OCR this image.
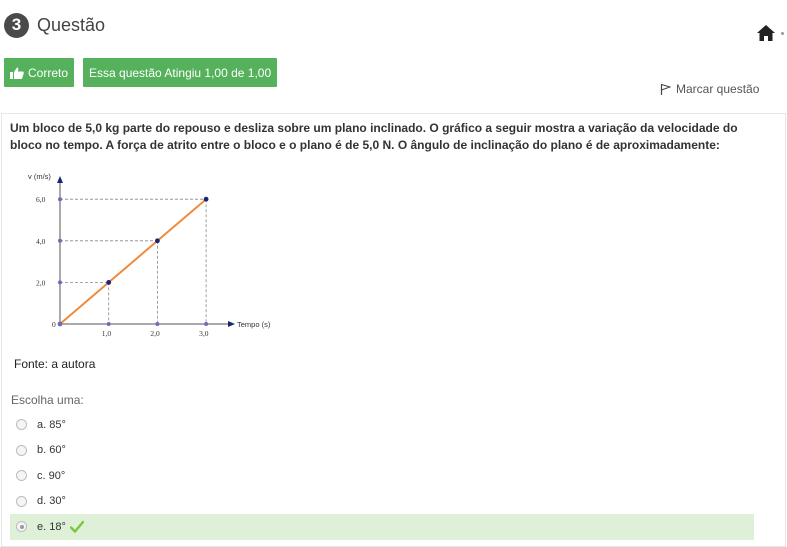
3 Questão
Correto Essa questão Atingiu 1,00 de 1,00
Marcar questão
Um bloco de 5,0 kg parte do repouso e desliza sobre um plano inclinado. O gráfico a seguir mostra a variação da velocidade do bloco no tempo. A força de atrito entre o bloco e o plano é de 5,0 N. O ângulo de inclinação do plano é de aproximadamente:
v (m/s)
Tempo (s)
0
2,0
4,0
6,0
1,0	2,0	3,0
Fonte: a autora
Escolha uma:
a. 85°
b. 60°
c. 90°
d. 30°
e. 18°
